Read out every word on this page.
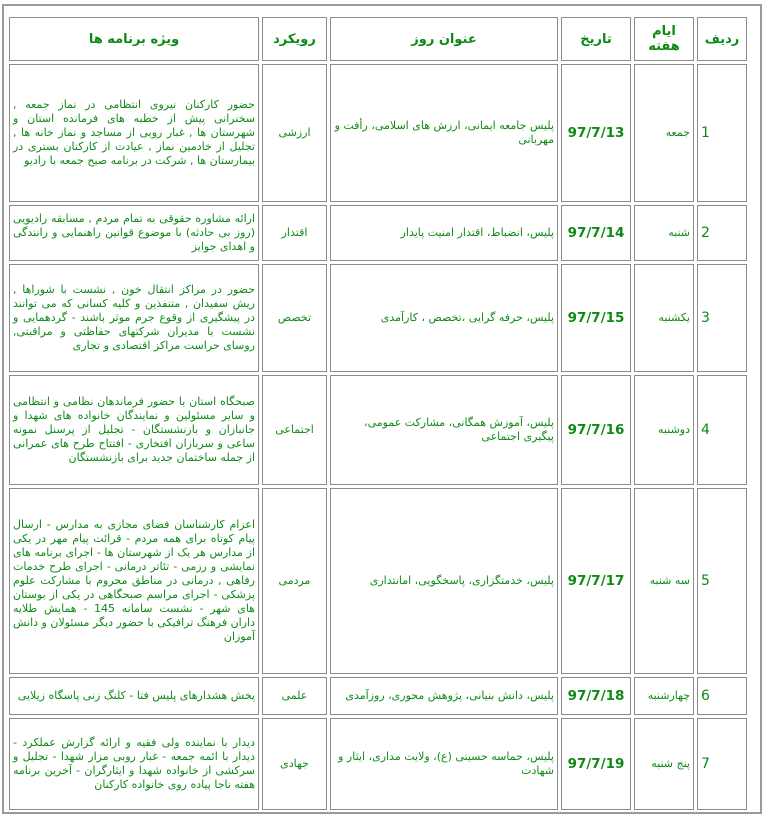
ردیف	ایام هفته	تاریخ	عنوان روز	رویکرد	ویژه برنامه ها
1	جمعه	97/7/13	پلیس جامعه ایمانی، ارزش های اسلامی، رأفت و مهربانی	ارزشی	حضور کارکنان نیروی انتظامی در نماز جمعه , سخنرانی پیش از خطبه های فرمانده استان و شهرستان ها , غبار روبی از مساجد و نماز خانه ها , تجلیل از خادمین نماز , عیادت از کارکنان بستری در بیمارستان ها , شرکت در برنامه صبح جمعه با رادیو
2	شنبه	97/7/14	پلیس، انضباط، اقتدار امنیت پایدار	اقتدار	ارائه مشاوره حقوقی به تمام مردم , مسابقه رادیویی (روز بی حادثه) با موضوع قوانین راهنمایی و رانندگی و اهدای جوایز
3	یکشنبه	97/7/15	پلیس، حرفه گرایی ،تخصص ، کارآمدی	تخصص	حضور در مراکز انتقال خون , نشست با شوراها , ریش سفیدان , متنفذین و کلیه کسانی که می توانند در پیشگیری از وقوع جرم موثر باشند - گردهمایی و نشست با مدیران شرکتهای حفاظتی و مراقبتی, روسای حراست مراکز اقتصادی و تجاری
4	دوشنبه	97/7/16	پلیس، آموزش همگانی، مشارکت عمومی، پیگیری اجتماعی	اجتماعی	صبحگاه استان با حضور فرماندهان نظامی و انتظامی و سایر مسئولین و نمایندگان خانواده های شهدا و جانبازان و بازنشستگان - تجلیل از پرسنل نمونه ساعی و سربازان افتخاری - افتتاح طرح های عمرانی از جمله ساختمان جدید برای بازنشستگان
5	سه شنبه	97/7/17	پلیس، خدمتگزاری، پاسخگویی، امانتداری	مردمی	اعزام کارشناسان فضای مجازی به مدارس - ارسال پیام کوتاه برای همه مردم - قرائت پیام مهر در یکی از مدارس هر یک از شهرستان ها - اجرای برنامه های نمایشی و رزمی - تئاتر درمانی - اجرای طرح خدمات رفاهی , درمانی در مناطق محروم با مشارکت علوم پزشکی - اجرای مراسم صبحگاهی در یکی از بوستان های شهر - نشست سامانه 145 - همایش طلایه داران فرهنگ ترافیکی با حضور دیگر مسئولان و دانش آموزان
6	چهارشنبه	97/7/18	پلیس، دانش بنیانی، پژوهش محوری، روزآمدی	علمی	پخش هشدارهای پلیس فتا - کلنگ زنی پاسگاه زیلایی
7	پنج شنبه	97/7/19	پلیس، حماسه حسینی (ع)، ولایت مداری، ایثار و شهادت	جهادی	دیدار با نماینده ولی فقیه و ارائه گزارش عملکرد - دیدار با ائمه جمعه - غبار روبی مزار شهدا - تجلیل و سرکشی از خانواده شهدا و ایثارگران - آخرین برنامه هفته ناجا پیاده روی خانواده کارکنان
